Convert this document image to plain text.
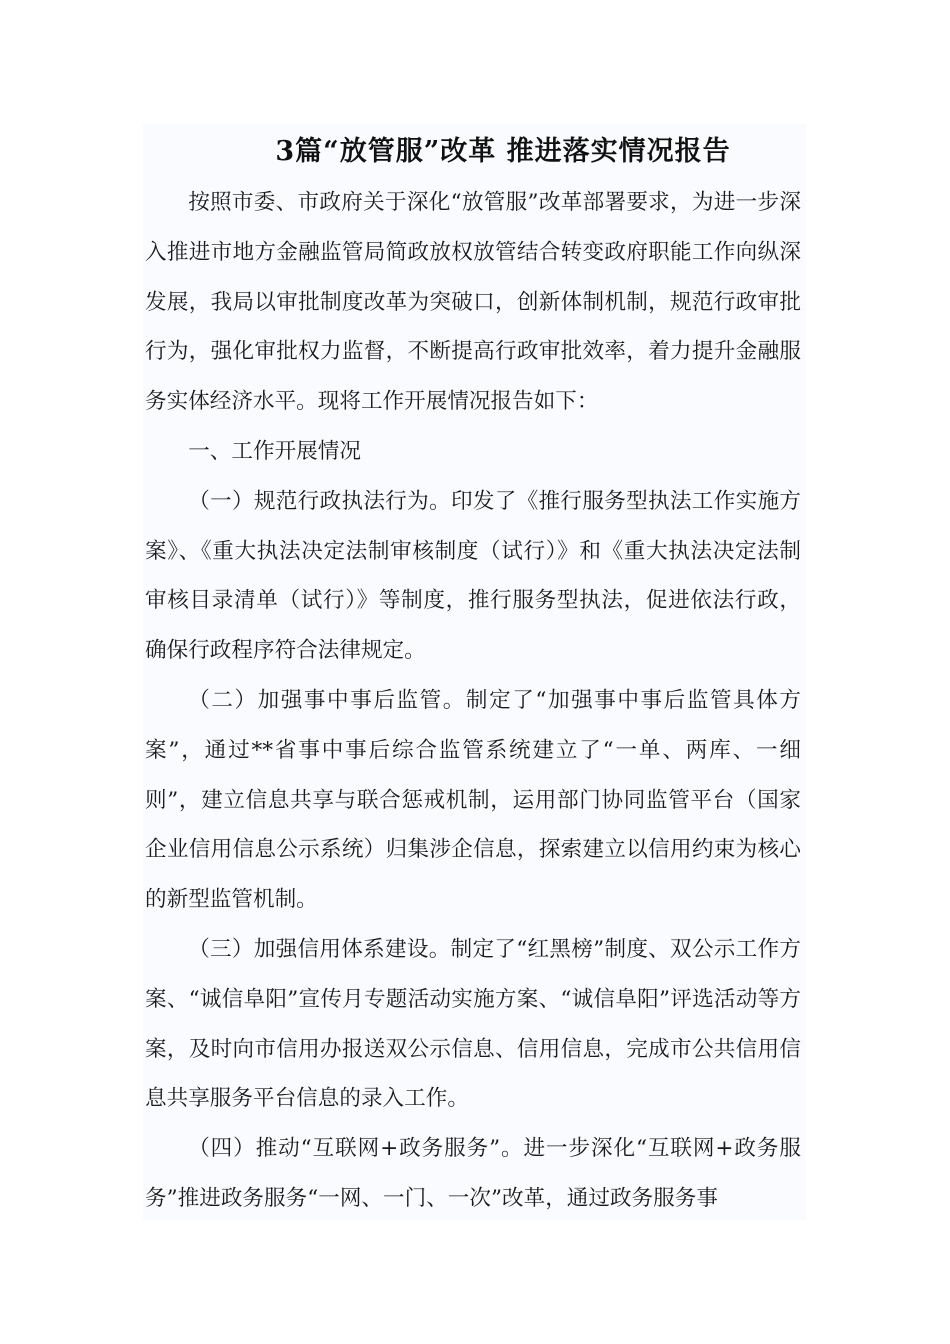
3篇“放管服”改革 推进落实情况报告

按照市委、市政府关于深化“放管服”改革部署要求，为进一步深入推进市地方金融监管局简政放权放管结合转变政府职能工作向纵深发展，我局以审批制度改革为突破口，创新体制机制，规范行政审批行为，强化审批权力监督，不断提高行政审批效率，着力提升金融服务实体经济水平。现将工作开展情况报告如下：

一、工作开展情况

（一）规范行政执法行为。印发了《推行服务型执法工作实施方案》、《重大执法决定法制审核制度（试行）》和《重大执法决定法制审核目录清单（试行）》等制度，推行服务型执法，促进依法行政，确保行政程序符合法律规定。

（二）加强事中事后监管。制定了“加强事中事后监管具体方案”，通过**省事中事后综合监管系统建立了“一单、两库、一细则”，建立信息共享与联合惩戒机制，运用部门协同监管平台（国家企业信用信息公示系统）归集涉企信息，探索建立以信用约束为核心的新型监管机制。

（三）加强信用体系建设。制定了“红黑榜”制度、双公示工作方案、“诚信阜阳”宣传月专题活动实施方案、“诚信阜阳”评选活动等方案，及时向市信用办报送双公示信息、信用信息，完成市公共信用信息共享服务平台信息的录入工作。

（四）推动“互联网+政务服务”。进一步深化“互联网+政务服务”推进政务服务“一网、一门、一次”改革，通过政务服务事
